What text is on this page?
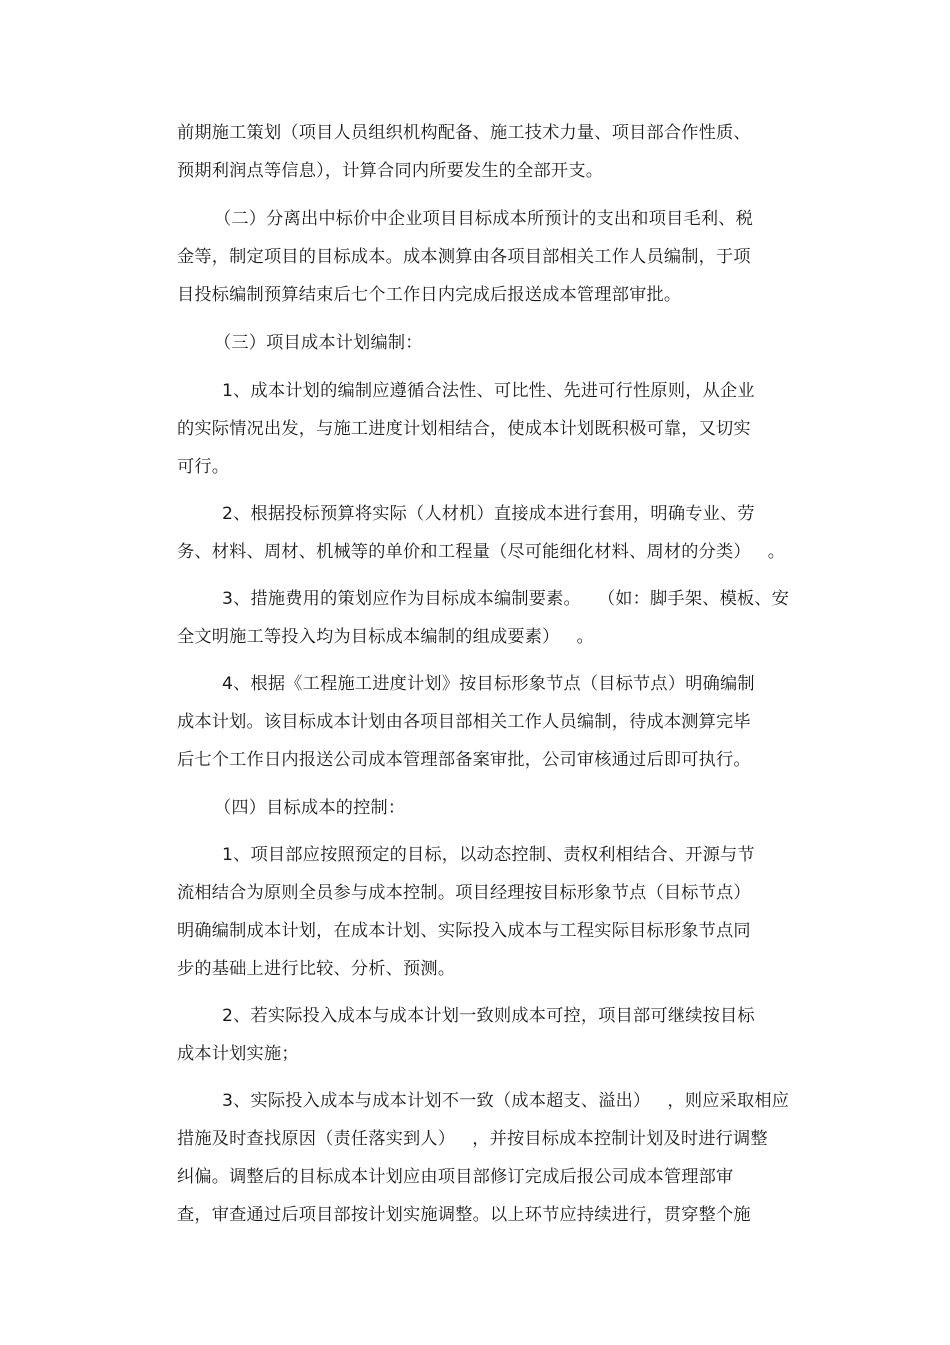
前期施工策划（项目人员组织机构配备、施工技术力量、项目部合作性质、
预期利润点等信息），计算合同内所要发生的全部开支。
（二）分离出中标价中企业项目目标成本所预计的支出和项目毛利、税
金等，制定项目的目标成本。成本测算由各项目部相关工作人员编制，于项
目投标编制预算结束后七个工作日内完成后报送成本管理部审批。
（三）项目成本计划编制：
1、成本计划的编制应遵循合法性、可比性、先进可行性原则，从企业
的实际情况出发，与施工进度计划相结合，使成本计划既积极可靠，又切实
可行。
2、根据投标预算将实际（人材机）直接成本进行套用，明确专业、劳
务、材料、周材、机械等的单价和工程量（尽可能细化材料、周材的分类）   。
3、措施费用的策划应作为目标成本编制要素。   （如：脚手架、模板、安
全文明施工等投入均为目标成本编制的组成要素）   。
4、根据《工程施工进度计划》按目标形象节点（目标节点）明确编制
成本计划。该目标成本计划由各项目部相关工作人员编制，待成本测算完毕
后七个工作日内报送公司成本管理部备案审批，公司审核通过后即可执行。
（四）目标成本的控制：
1、项目部应按照预定的目标，以动态控制、责权利相结合、开源与节
流相结合为原则全员参与成本控制。项目经理按目标形象节点（目标节点）
明确编制成本计划，在成本计划、实际投入成本与工程实际目标形象节点同
步的基础上进行比较、分析、预测。
2、若实际投入成本与成本计划一致则成本可控，项目部可继续按目标
成本计划实施；
3、实际投入成本与成本计划不一致（成本超支、溢出）   ，则应采取相应
措施及时查找原因（责任落实到人）   ，并按目标成本控制计划及时进行调整
纠偏。调整后的目标成本计划应由项目部修订完成后报公司成本管理部审
查，审查通过后项目部按计划实施调整。以上环节应持续进行，贯穿整个施
